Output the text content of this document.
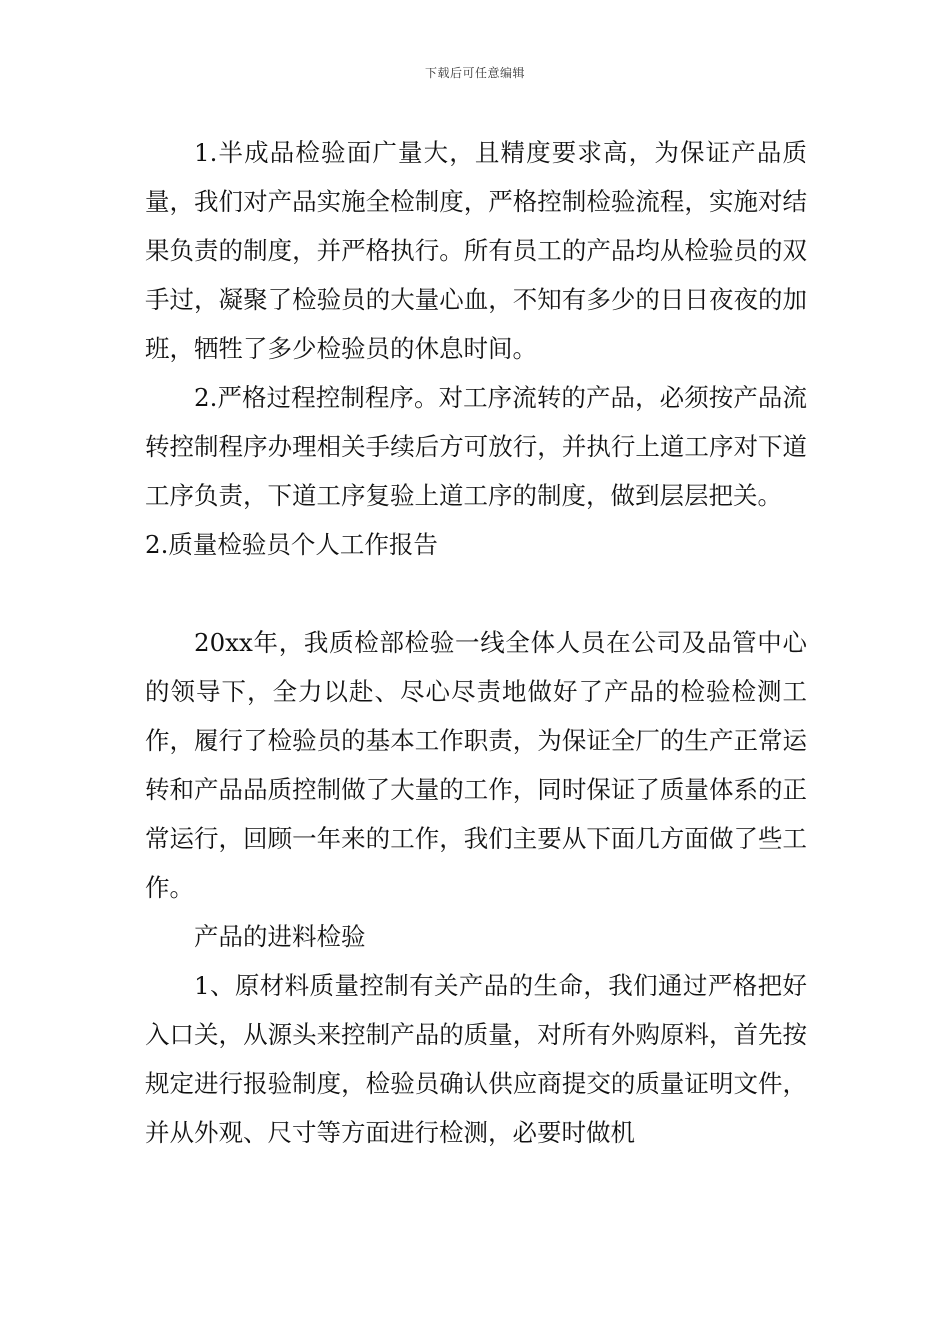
下载后可任意编辑

1.半成品检验面广量大，且精度要求高，为保证产品质量，我们对产品实施全检制度，严格控制检验流程，实施对结果负责的制度，并严格执行。所有员工的产品均从检验员的双手过，凝聚了检验员的大量心血，不知有多少的日日夜夜的加班，牺牲了多少检验员的休息时间。

2.严格过程控制程序。对工序流转的产品，必须按产品流转控制程序办理相关手续后方可放行，并执行上道工序对下道工序负责，下道工序复验上道工序的制度，做到层层把关。

2.质量检验员个人工作报告

20xx年，我质检部检验一线全体人员在公司及品管中心的领导下，全力以赴、尽心尽责地做好了产品的检验检测工作，履行了检验员的基本工作职责，为保证全厂的生产正常运转和产品品质控制做了大量的工作，同时保证了质量体系的正常运行，回顾一年来的工作，我们主要从下面几方面做了些工作。

产品的进料检验

1、原材料质量控制有关产品的生命，我们通过严格把好入口关，从源头来控制产品的质量，对所有外购原料，首先按规定进行报验制度，检验员确认供应商提交的质量证明文件，并从外观、尺寸等方面进行检测，必要时做机
